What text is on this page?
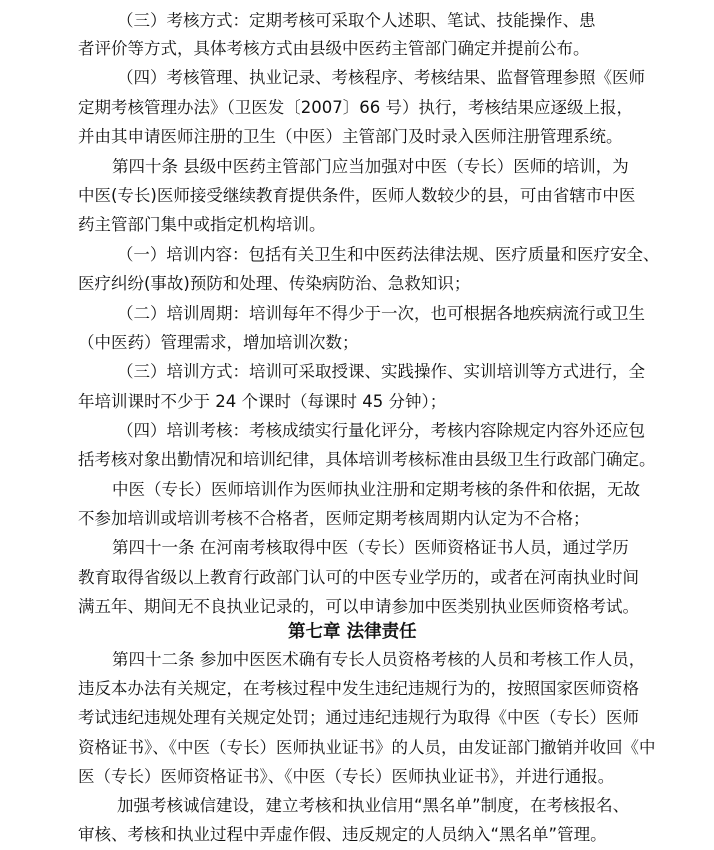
（三）考核方式：定期考核可采取个人述职、笔试、技能操作、患
者评价等方式，具体考核方式由县级中医药主管部门确定并提前公布。
（四）考核管理、执业记录、考核程序、考核结果、监督管理参照《医师
定期考核管理办法》（卫医发〔2007〕66 号）执行，考核结果应逐级上报，
并由其申请医师注册的卫生（中医）主管部门及时录入医师注册管理系统。
第四十条 县级中医药主管部门应当加强对中医（专长）医师的培训，为
中医(专长)医师接受继续教育提供条件，医师人数较少的县，可由省辖市中医
药主管部门集中或指定机构培训。
（一）培训内容：包括有关卫生和中医药法律法规、医疗质量和医疗安全、
医疗纠纷(事故)预防和处理、传染病防治、急救知识；
（二）培训周期：培训每年不得少于一次，也可根据各地疾病流行或卫生
（中医药）管理需求，增加培训次数；
（三）培训方式：培训可采取授课、实践操作、实训培训等方式进行，全
年培训课时不少于 24 个课时（每课时 45 分钟）；
（四）培训考核：考核成绩实行量化评分，考核内容除规定内容外还应包
括考核对象出勤情况和培训纪律，具体培训考核标准由县级卫生行政部门确定。
中医（专长）医师培训作为医师执业注册和定期考核的条件和依据，无故
不参加培训或培训考核不合格者，医师定期考核周期内认定为不合格；
第四十一条 在河南考核取得中医（专长）医师资格证书人员，通过学历
教育取得省级以上教育行政部门认可的中医专业学历的，或者在河南执业时间
满五年、期间无不良执业记录的，可以申请参加中医类别执业医师资格考试。
第七章 法律责任
第四十二条 参加中医医术确有专长人员资格考核的人员和考核工作人员，
违反本办法有关规定，在考核过程中发生违纪违规行为的，按照国家医师资格
考试违纪违规处理有关规定处罚；通过违纪违规行为取得《中医（专长）医师
资格证书》、《中医（专长）医师执业证书》的人员，由发证部门撤销并收回《中
医（专长）医师资格证书》、《中医（专长）医师执业证书》，并进行通报。
加强考核诚信建设，建立考核和执业信用“黑名单”制度，在考核报名、
审核、考核和执业过程中弄虚作假、违反规定的人员纳入“黑名单”管理。
